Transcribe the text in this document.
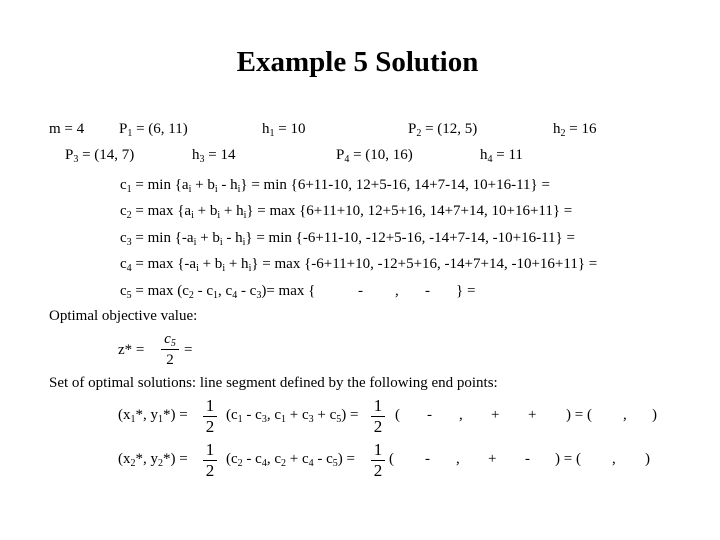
Example 5 Solution
m = 4 $P_1 = (6$, 11)	$h_1 = 10$	$P_2 = (12$, 5)	$h_2 = 16$
$P_3 = (14$, 7)	$h_3 = 14$	$P_4 = (10$, 16)	$h_4 = 11$
$c_1 = \min \{a_i + b_i - h_i\} = \min \{6+11-10$, 12+5-16, 14+7-14, 10+16-11} =
$c_2 = \max \{a_i + b_i + h_i\} = \max \{6+11+10$, 12+5+16, 14+7+14, 10+16+11} =
$c_3 = \min \{-a_i + b_i - h_i\} = \min \{-6+11-10$, -12+5-16, -14+7-14, -10+16-11} =
$c_4 = \max \{-a_i + b_i + h_i\} = \max \{-6+11+10$, -12+5+16, -14+7+14, -10+16+11} =
$c_5 = \max (c_2 - c_1$, $c_4 - c_3)= \max$ {	- , - } =
Optimal objective value:
z* =
$c_5$
2
=
Set of optimal solutions: line segment defined by the following end points:
($x_1*$, $y_1*) = 1$
2
($c_1 - c_3$, $c_1 + c_3 + c_5) = 1$
2
( - , + + ) = ( , )
($x_2*$, $y_2*) = 1$
2
($c_2 - c_4$, $c_2 + c_4 - c_5) = 1$
2
( - , + - ) = ( , )
